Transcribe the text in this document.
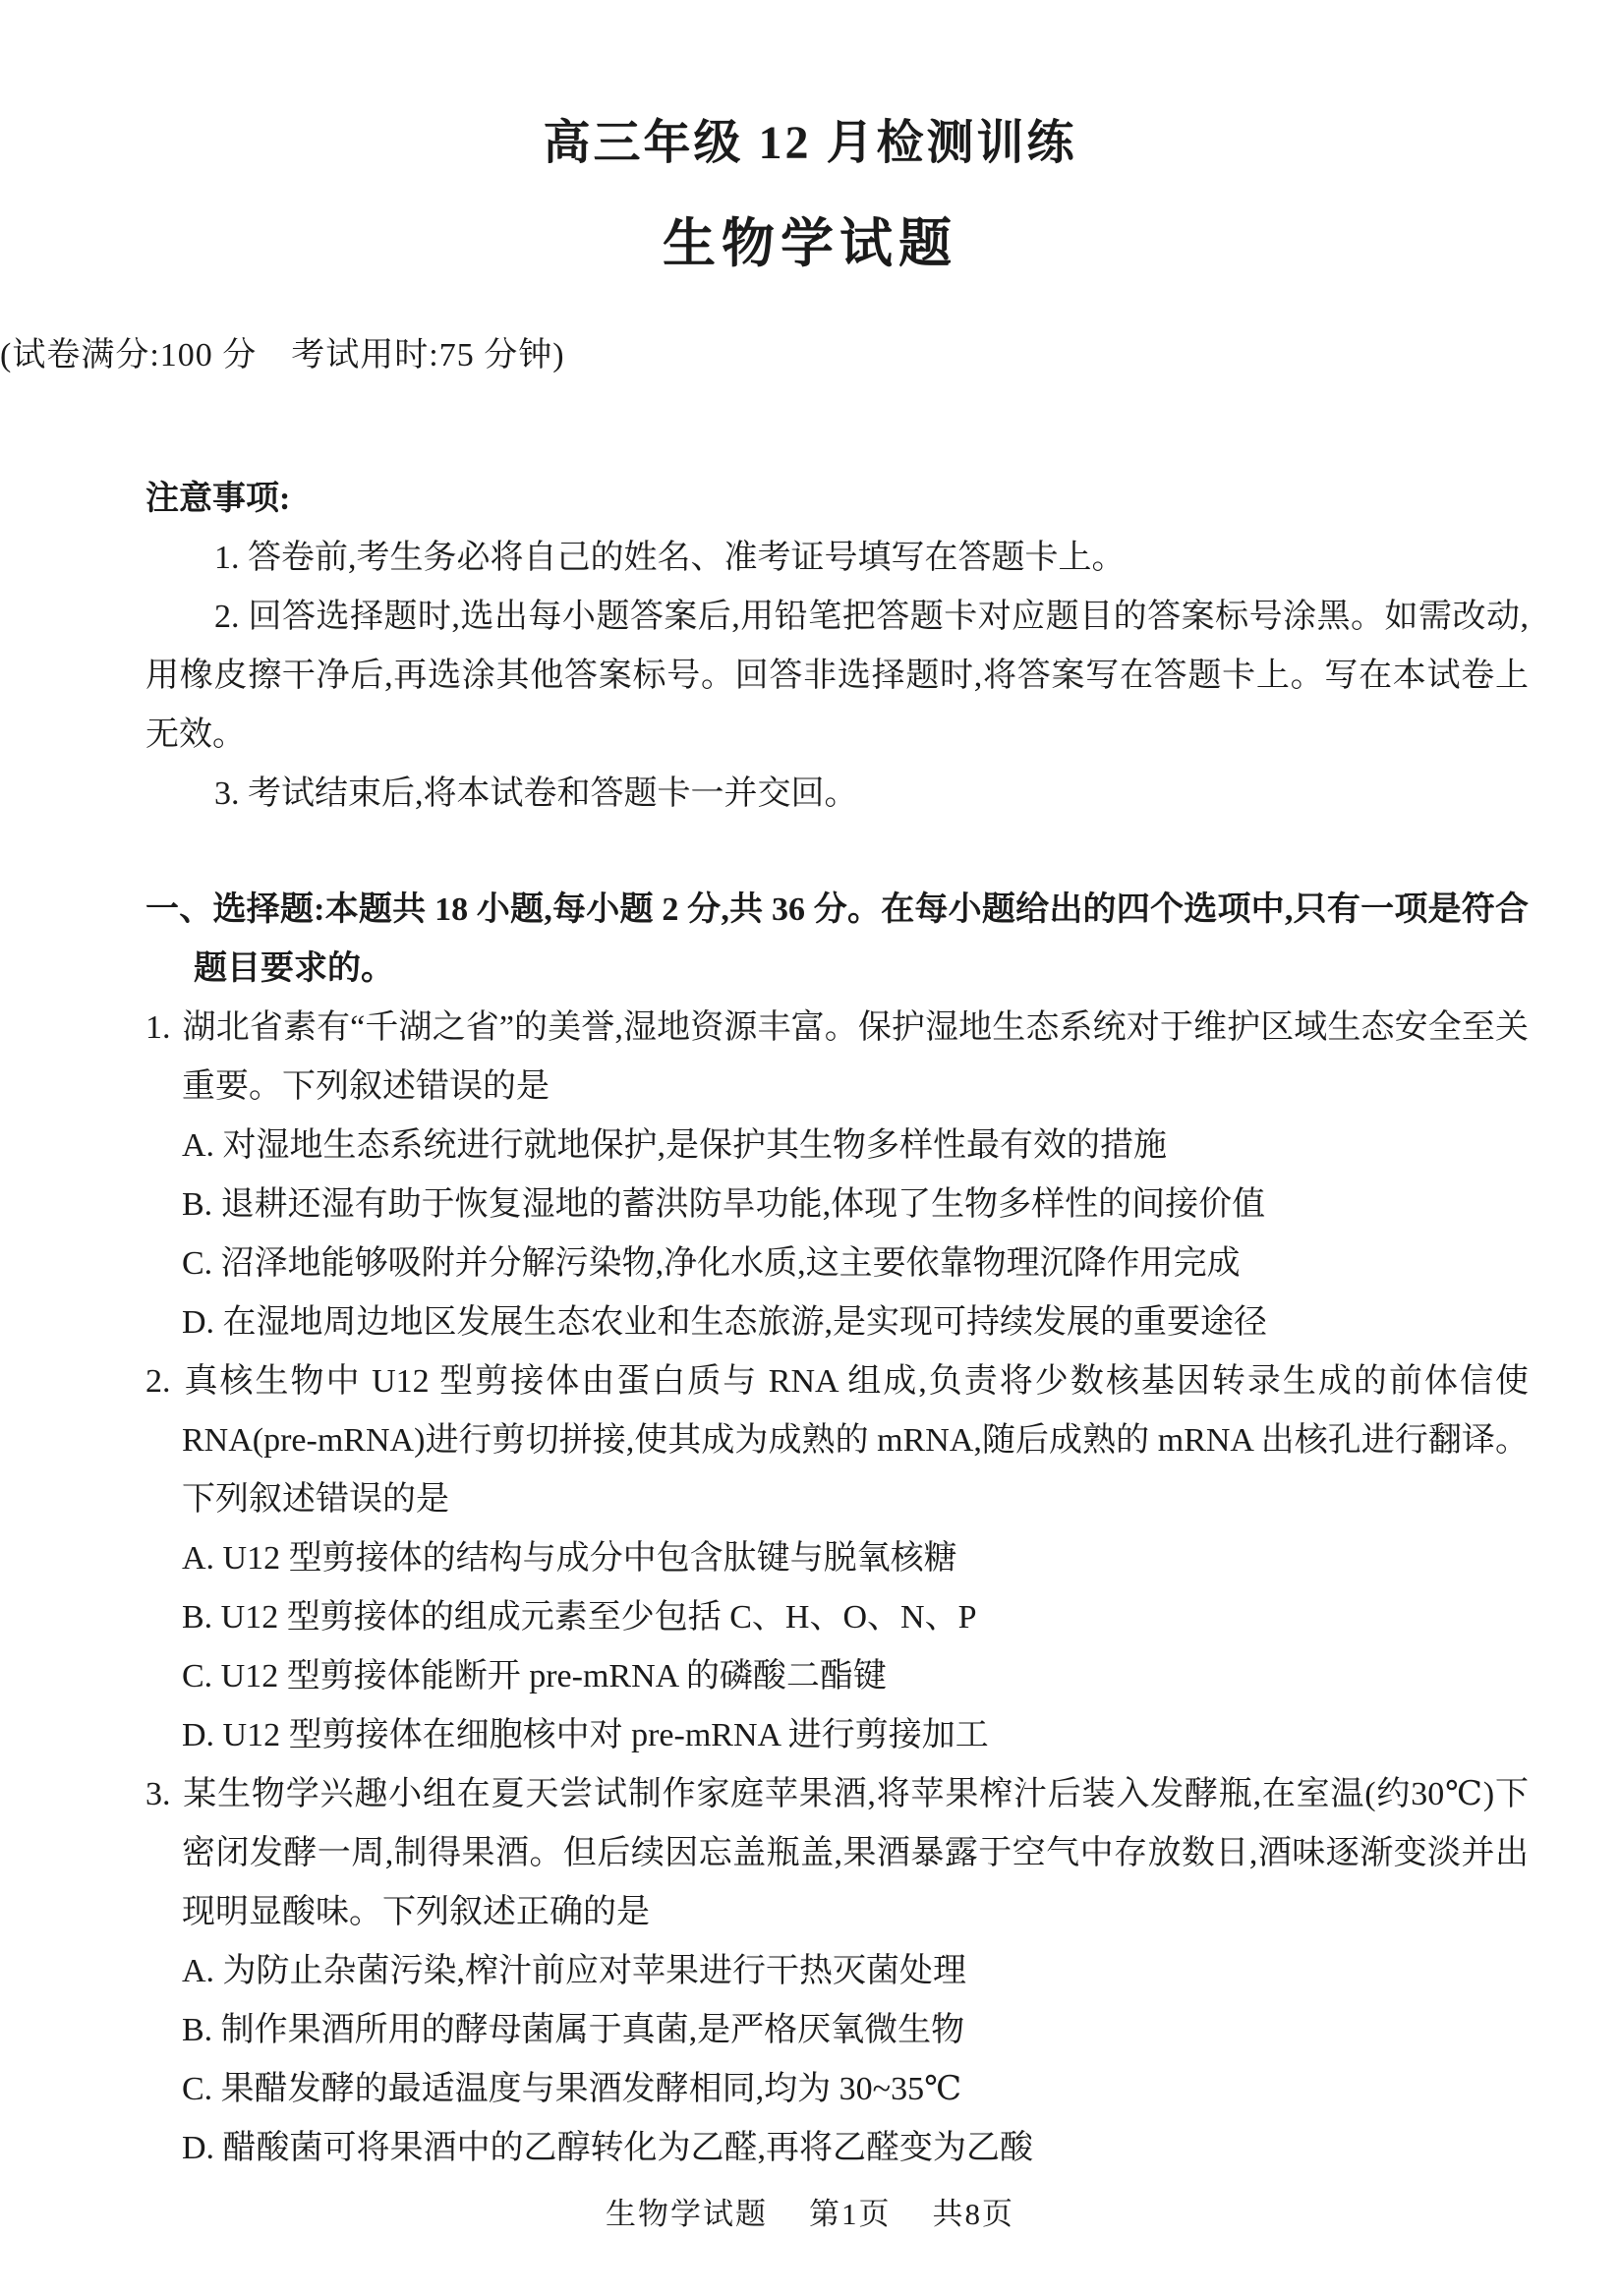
高三年级 12 月检测训练
生物学试题

(试卷满分:100 分　考试用时:75 分钟)

注意事项:

1. 答卷前,考生务必将自己的姓名、准考证号填写在答题卡上。

2. 回答选择题时,选出每小题答案后,用铅笔把答题卡对应题目的答案标号涂黑。如需改动,用橡皮擦干净后,再选涂其他答案标号。回答非选择题时,将答案写在答题卡上。写在本试卷上无效。

3. 考试结束后,将本试卷和答题卡一并交回。

一、选择题:本题共 18 小题,每小题 2 分,共 36 分。在每小题给出的四个选项中,只有一项是符合题目要求的。

1. 湖北省素有“千湖之省”的美誉,湿地资源丰富。保护湿地生态系统对于维护区域生态安全至关重要。下列叙述错误的是

A. 对湿地生态系统进行就地保护,是保护其生物多样性最有效的措施

B. 退耕还湿有助于恢复湿地的蓄洪防旱功能,体现了生物多样性的间接价值

C. 沼泽地能够吸附并分解污染物,净化水质,这主要依靠物理沉降作用完成

D. 在湿地周边地区发展生态农业和生态旅游,是实现可持续发展的重要途径

2. 真核生物中 U12 型剪接体由蛋白质与 RNA 组成,负责将少数核基因转录生成的前体信使 RNA(pre-mRNA)进行剪切拼接,使其成为成熟的 mRNA,随后成熟的 mRNA 出核孔进行翻译。下列叙述错误的是

A. U12 型剪接体的结构与成分中包含肽键与脱氧核糖

B. U12 型剪接体的组成元素至少包括 C、H、O、N、P

C. U12 型剪接体能断开 pre-mRNA 的磷酸二酯键

D. U12 型剪接体在细胞核中对 pre-mRNA 进行剪接加工

3. 某生物学兴趣小组在夏天尝试制作家庭苹果酒,将苹果榨汁后装入发酵瓶,在室温(约30℃)下密闭发酵一周,制得果酒。但后续因忘盖瓶盖,果酒暴露于空气中存放数日,酒味逐渐变淡并出现明显酸味。下列叙述正确的是

A. 为防止杂菌污染,榨汁前应对苹果进行干热灭菌处理

B. 制作果酒所用的酵母菌属于真菌,是严格厌氧微生物

C. 果醋发酵的最适温度与果酒发酵相同,均为 30~35℃

D. 醋酸菌可将果酒中的乙醇转化为乙醛,再将乙醛变为乙酸

生物学试题 第1页 共8页
